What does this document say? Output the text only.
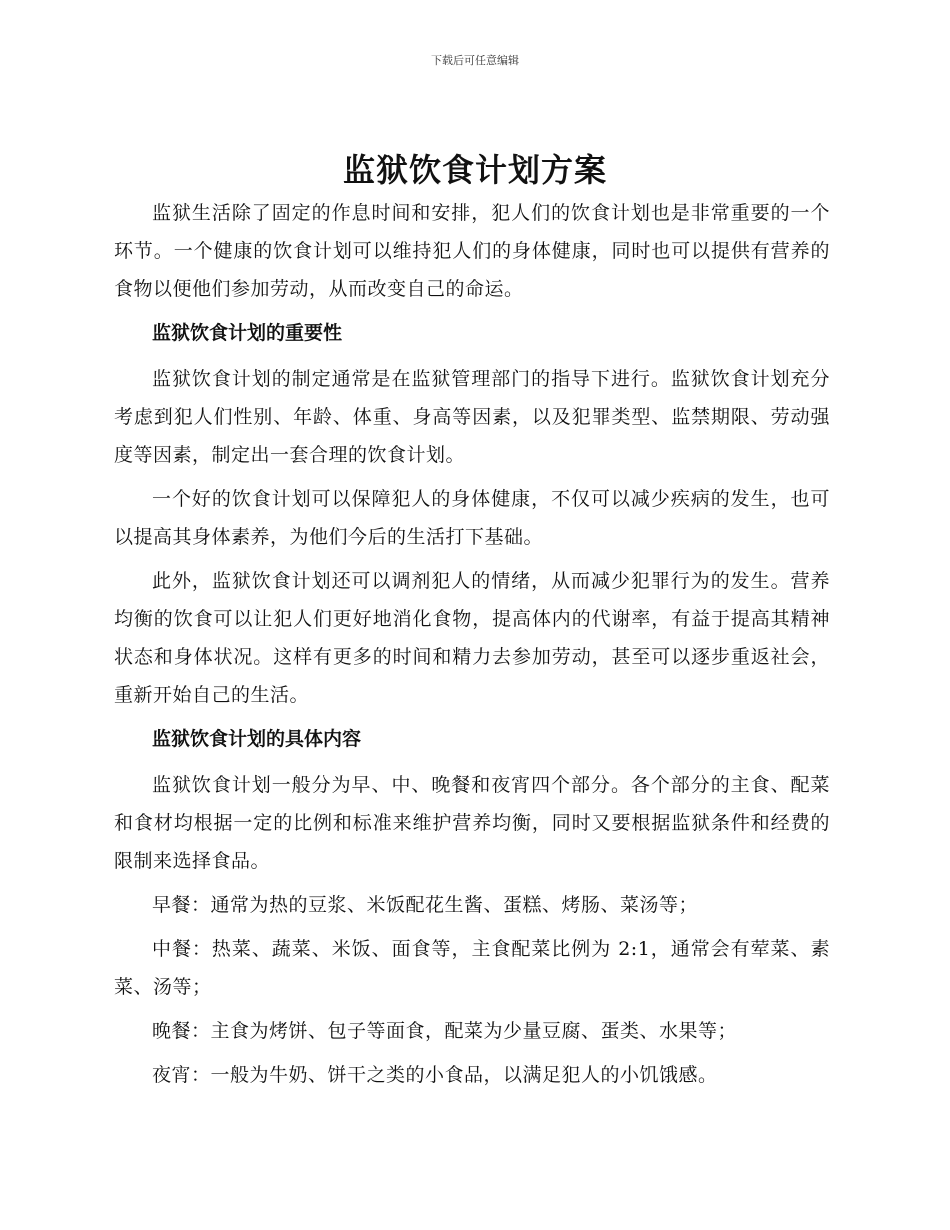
下载后可任意编辑
监狱饮食计划方案

监狱生活除了固定的作息时间和安排，犯人们的饮食计划也是非常重要的一个环节。一个健康的饮食计划可以维持犯人们的身体健康，同时也可以提供有营养的食物以便他们参加劳动，从而改变自己的命运。

监狱饮食计划的重要性

监狱饮食计划的制定通常是在监狱管理部门的指导下进行。监狱饮食计划充分考虑到犯人们性别、年龄、体重、身高等因素，以及犯罪类型、监禁期限、劳动强度等因素，制定出一套合理的饮食计划。

一个好的饮食计划可以保障犯人的身体健康，不仅可以减少疾病的发生，也可以提高其身体素养，为他们今后的生活打下基础。

此外，监狱饮食计划还可以调剂犯人的情绪，从而减少犯罪行为的发生。营养均衡的饮食可以让犯人们更好地消化食物，提高体内的代谢率，有益于提高其精神状态和身体状况。这样有更多的时间和精力去参加劳动，甚至可以逐步重返社会，重新开始自己的生活。

监狱饮食计划的具体内容

监狱饮食计划一般分为早、中、晚餐和夜宵四个部分。各个部分的主食、配菜和食材均根据一定的比例和标准来维护营养均衡，同时又要根据监狱条件和经费的限制来选择食品。

早餐：通常为热的豆浆、米饭配花生酱、蛋糕、烤肠、菜汤等；

中餐：热菜、蔬菜、米饭、面食等，主食配菜比例为 2:1，通常会有荤菜、素菜、汤等；

晚餐：主食为烤饼、包子等面食，配菜为少量豆腐、蛋类、水果等；

夜宵：一般为牛奶、饼干之类的小食品，以满足犯人的小饥饿感。
